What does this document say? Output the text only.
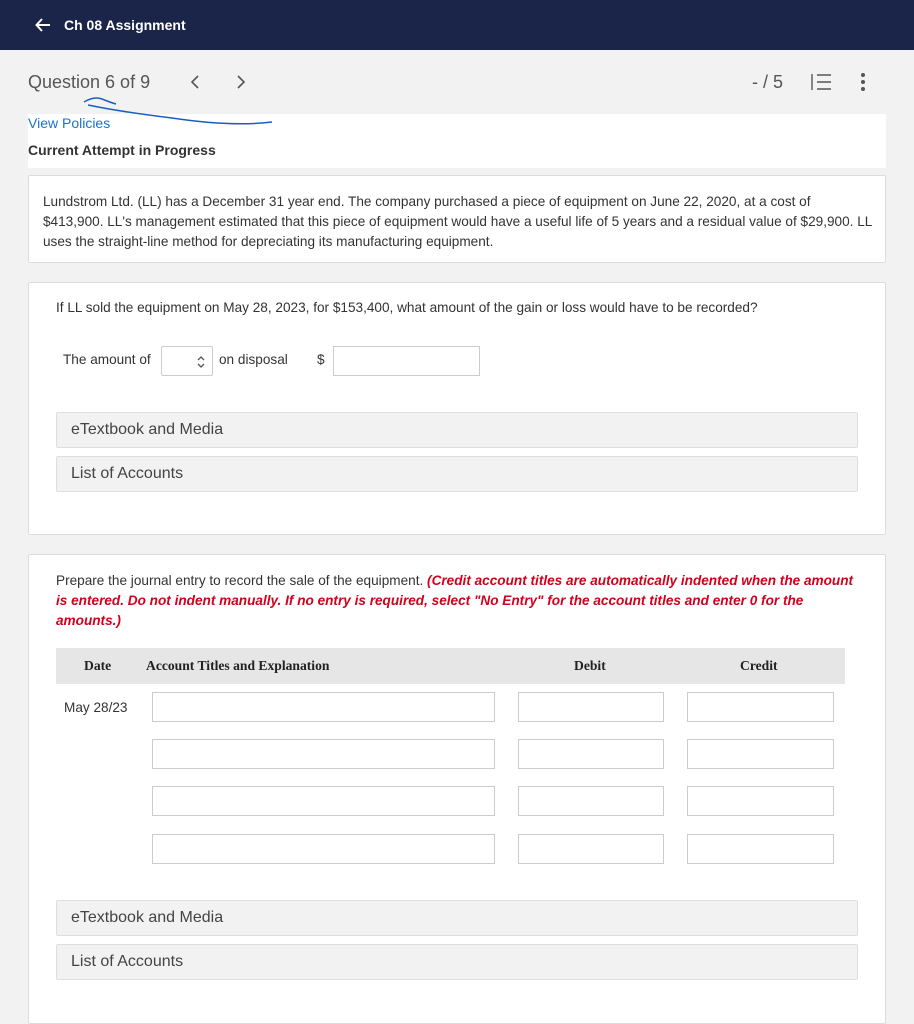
Ch 08 Assignment
Question 6 of 9	- / 5
View Policies
Current Attempt in Progress
Lundstrom Ltd. (LL) has a December 31 year end. The company purchased a piece of equipment on June 22, 2020, at a cost of $413,900. LL's management estimated that this piece of equipment would have a useful life of 5 years and a residual value of $29,900. LL uses the straight-line method for depreciating its manufacturing equipment.
If LL sold the equipment on May 28, 2023, for $153,400, what amount of the gain or loss would have to be recorded?
The amount of	on disposal $
eTextbook and Media
List of Accounts
Prepare the journal entry to record the sale of the equipment. (Credit account titles are automatically indented when the amount is entered. Do not indent manually. If no entry is required, select "No Entry" for the account titles and enter 0 for the amounts.)
Date	Account Titles and Explanation	Debit	Credit
May 28/23
eTextbook and Media
List of Accounts
